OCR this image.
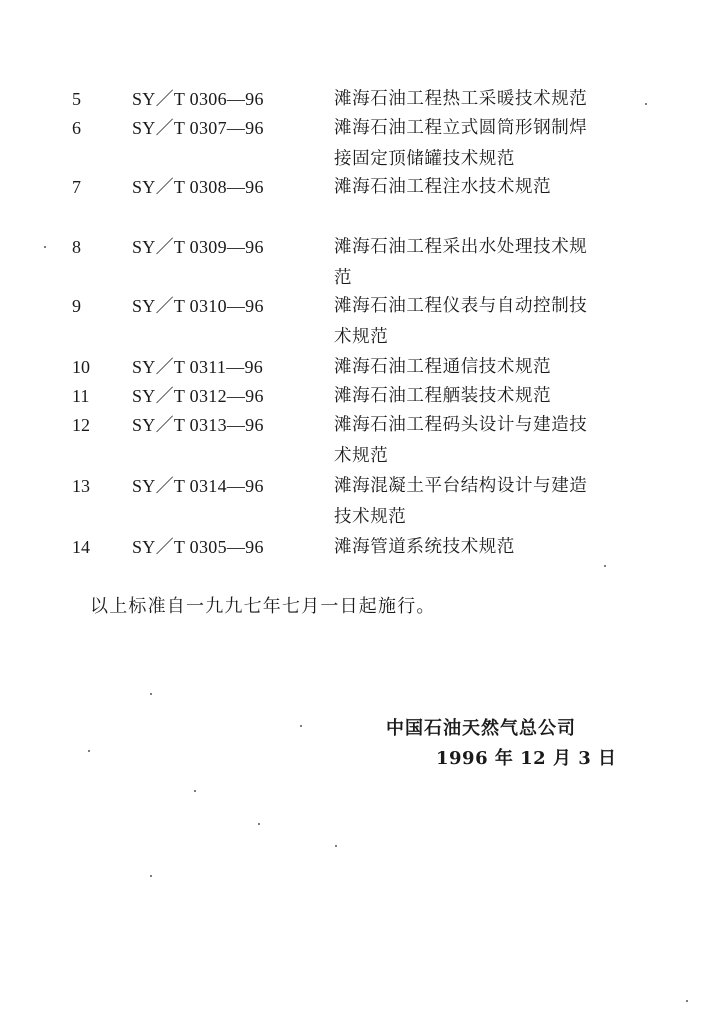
5	SY／T 0306—96	滩海石油工程热工采暖技术规范
6	SY／T 0307—96	滩海石油工程立式圆筒形钢制焊
接固定顶储罐技术规范
7	SY／T 0308—96	滩海石油工程注水技术规范
8	SY／T 0309—96	滩海石油工程采出水处理技术规
范
9	SY／T 0310—96	滩海石油工程仪表与自动控制技
术规范
10	SY／T 0311—96	滩海石油工程通信技术规范
11	SY／T 0312—96	滩海石油工程舾装技术规范
12	SY／T 0313—96	滩海石油工程码头设计与建造技
术规范
13	SY／T 0314—96	滩海混凝土平台结构设计与建造
技术规范
14	SY／T 0305—96	滩海管道系统技术规范
以上标准自一九九七年七月一日起施行。
中国石油天然气总公司
1996 年 12 月 3 日
